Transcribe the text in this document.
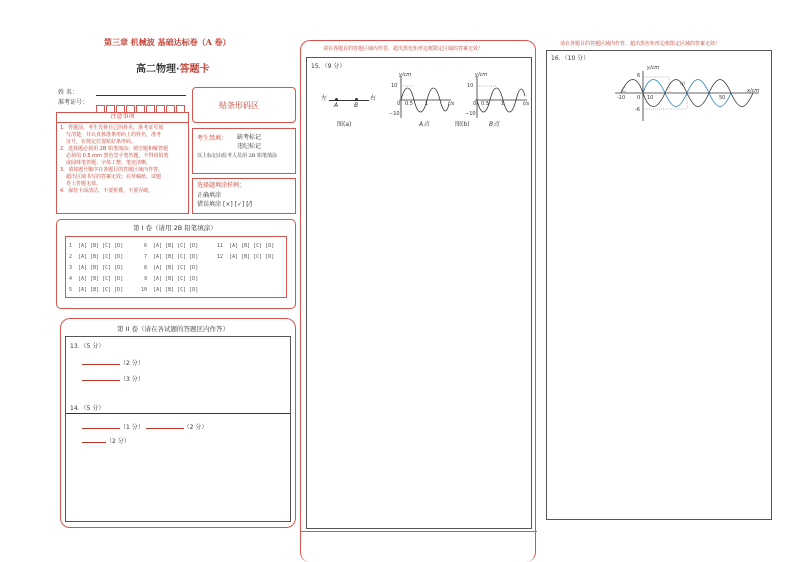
第三章 机械波 基础达标卷（A 卷）
高二物理·答题卡
姓 名：
准考证号：	贴条形码区
注意事项
1．答题前，考生先将自己的姓名，准考证号填
写清楚，并认真核准条形码上的姓名，准考
证号，在规定位置贴好条形码。
2．选择题必须用 2B 铅笔填涂；填空题和解答题
必须用 0.5 mm 黑色签字笔答题，不得用铅笔
或圆珠笔答题；字体工整、笔迹清晰。
3．请按题号顺序在各题目的答题区域内作答，
超出区域书写的答案无效；在草稿纸、试题
卷上答题无效。
4．保持卡面清洁，不要折叠，不要弄破。
考生禁填： 缺考标记
违纪标记
以上标记由监考人员用 2B 铅笔填涂
选择题填涂样例：
正确填涂
错误填涂 [×] [✓] [⁄]
第 I 卷（请用 2B 铅笔填涂）
1 [A] [B] [C] [D]
2 [A] [B] [C] [D]
3 [A] [B] [C] [D]
4 [A] [B] [C] [D]
5 [A] [B] [C] [D]
6 [A] [B] [C] [D]
7 [A] [B] [C] [D]
8 [A] [B] [C] [D]
9 [A] [B] [C] [D]
10 [A] [B] [C] [D]
11 [A] [B] [C] [D]
12 [A] [B] [C] [D]
第 II 卷（请在各试题的答题区内作答）
13．（5 分）
（2 分）
（3 分）
14．（5 分）
（1 分）	（2 分）
（2 分）
请在各题目的答题区域内作答，超出黑色矩形边框限定区域的答案无效！
15．（9 分）
左	右
A	B
图(a)	图(b)
y/cm
10
−10
0 0.5 1	t/s
A点
y/cm
10
−10
0 0.5 1	t/s
B点
请在各题目的答题区域内作答，超出黑色矩形边框限定区域的答案无效！
16．（10 分）
y/cm
6
-6
-10 0 10	50
x/cm
甲
乙
